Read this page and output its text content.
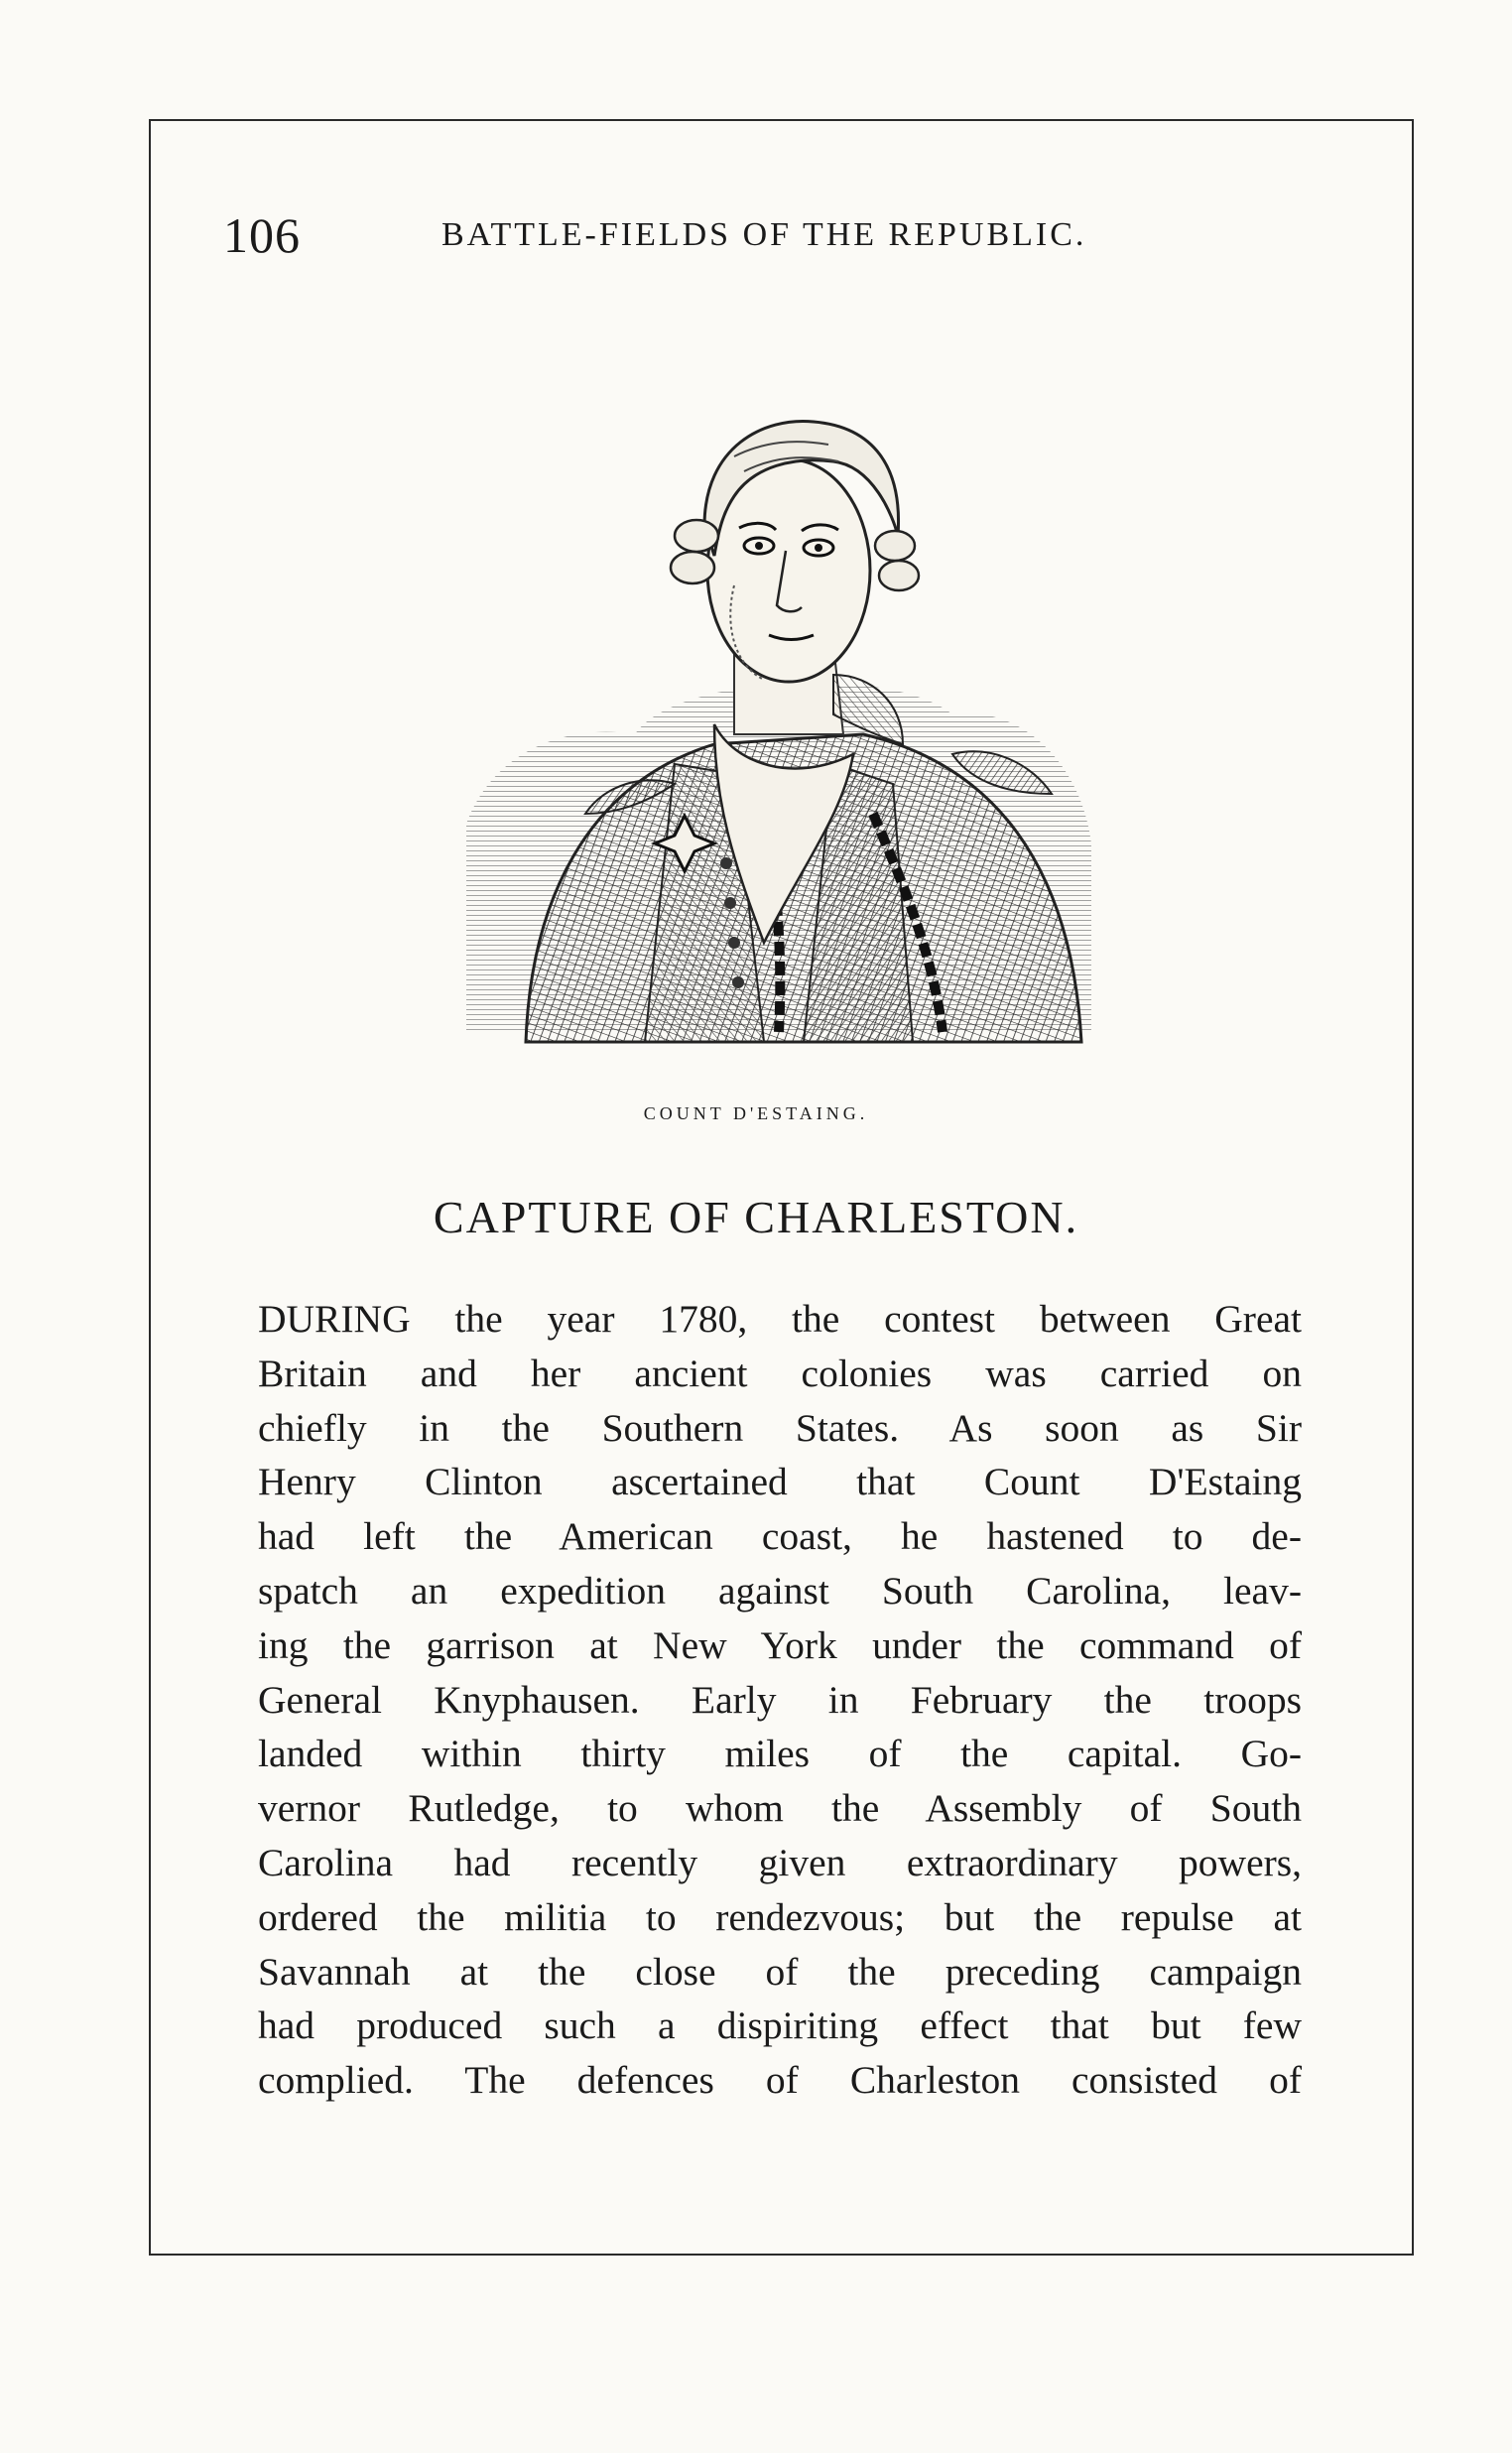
106	BATTLE-FIELDS OF THE REPUBLIC.
COUNT D'ESTAING.
CAPTURE OF CHARLESTON.
DURING the year 1780, the contest between Great
Britain and her ancient colonies was carried on
chiefly in the Southern States. As soon as Sir
Henry Clinton ascertained that Count D'Estaing
had left the American coast, he hastened to de-
spatch an expedition against South Carolina, leav-
ing the garrison at New York under the command of
General Knyphausen. Early in February the troops
landed within thirty miles of the capital. Go-
vernor Rutledge, to whom the Assembly of South
Carolina had recently given extraordinary powers,
ordered the militia to rendezvous; but the repulse at
Savannah at the close of the preceding campaign
had produced such a dispiriting effect that but few
complied. The defences of Charleston consisted of
